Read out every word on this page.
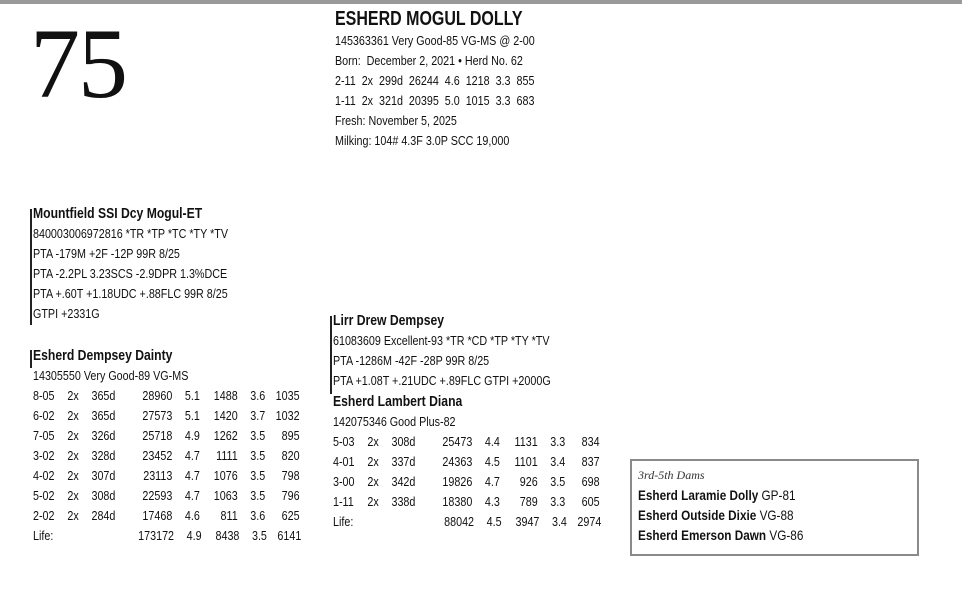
75	ESHERD MOGUL DOLLY
145363361 Very Good-85 VG-MS @ 2-00
Born:  December 2, 2021 • Herd No. 62
2-11  2x  299d  26244  4.6  1218  3.3  855
1-11  2x  321d  20395  5.0  1015  3.3  683
Fresh: November 5, 2025
Milking: 104# 4.3F 3.0P SCC 19,000
Mountfield SSI Dcy Mogul-ET
840003006972816 *TR *TP *TC *TY *TV
PTA -179M +2F -12P 99R 8/25
PTA -2.2PL 3.23SCS -2.9DPR 1.3%DCE
PTA +.60T +1.18UDC +.88FLC 99R 8/25
GTPI +2331G
Esherd Dempsey Dainty
14305550 Very Good-89 VG-MS
8-05	2x	365d	28960	5.1	1488	3.6 1035
6-02	2x	365d	27573	5.1	1420	3.7 1032
7-05	2x	326d	25718	4.9	1262	3.5	895
3-02	2x	328d	23452	4.7	1111	3.5	820
4-02	2x	307d	23113	4.7	1076	3.5	798
5-02	2x	308d	22593	4.7	1063	3.5	796
2-02	2x	284d	17468	4.6	811	3.6	625
Life:	173172	4.9	8438	3.5 6141
Lirr Drew Dempsey
61083609 Excellent-93 *TR *CD *TP *TY *TV
PTA -1286M -42F -28P 99R 8/25
PTA +1.08T +.21UDC +.89FLC GTPI +2000G
Esherd Lambert Diana
142075346 Good Plus-82
5-03	2x	308d	25473	4.4	1131	3.3	834
4-01	2x	337d	24363	4.5	1101	3.4	837
3-00	2x	342d	19826	4.7	926	3.5	698
1-11	2x	338d	18380	4.3	789	3.3	605
Life:	88042	4.5	3947	3.4 2974
3rd-5th Dams
Esherd Laramie Dolly GP-81
Esherd Outside Dixie VG-88
Esherd Emerson Dawn VG-86
